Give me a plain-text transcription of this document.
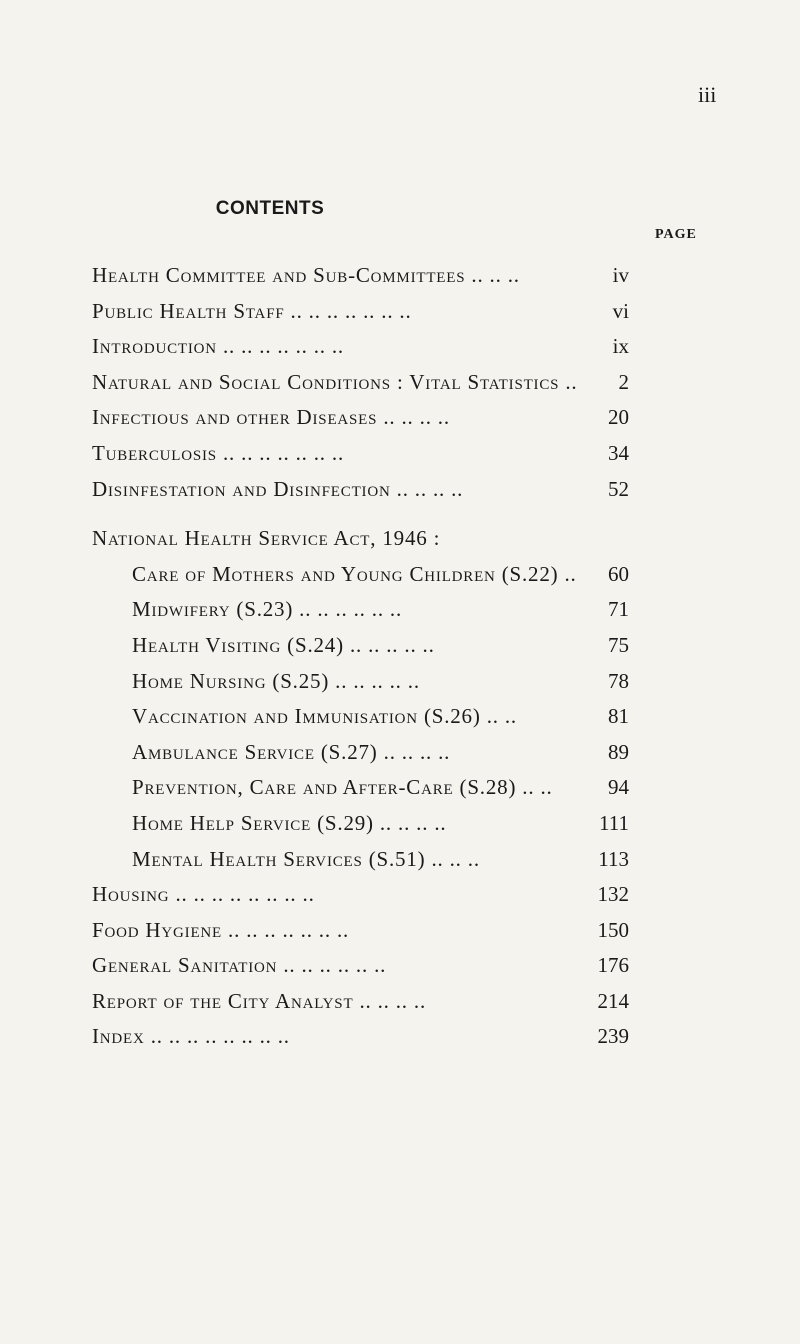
iii
CONTENTS
PAGE
Health Committee and Sub-Committees .. .. ..	iv
Public Health Staff .. .. .. .. .. .. ..	vi
Introduction .. .. .. .. .. .. ..	ix
Natural and Social Conditions : Vital Statistics .. 2
Infectious and other Diseases .. .. .. ..	20
Tuberculosis .. .. .. .. .. .. ..	34
Disinfestation and Disinfection .. .. .. ..	52
National Health Service Act, 1946 :
Care of Mothers and Young Children (S.22) .. 60
Midwifery (S.23) .. .. .. .. .. ..	71
Health Visiting (S.24) .. .. .. .. ..	75
Home Nursing (S.25) .. .. .. .. ..	78
Vaccination and Immunisation (S.26) .. ..	81
Ambulance Service (S.27) .. .. .. ..	89
Prevention, Care and After-Care (S.28) .. ..	94
Home Help Service (S.29) .. .. .. ..	111
Mental Health Services (S.51) .. .. ..	113
Housing .. .. .. .. .. .. .. ..	132
Food Hygiene .. .. .. .. .. .. ..	150
General Sanitation .. .. .. .. .. ..	176
Report of the City Analyst .. .. .. ..	214
Index .. .. .. .. .. .. .. ..	239
